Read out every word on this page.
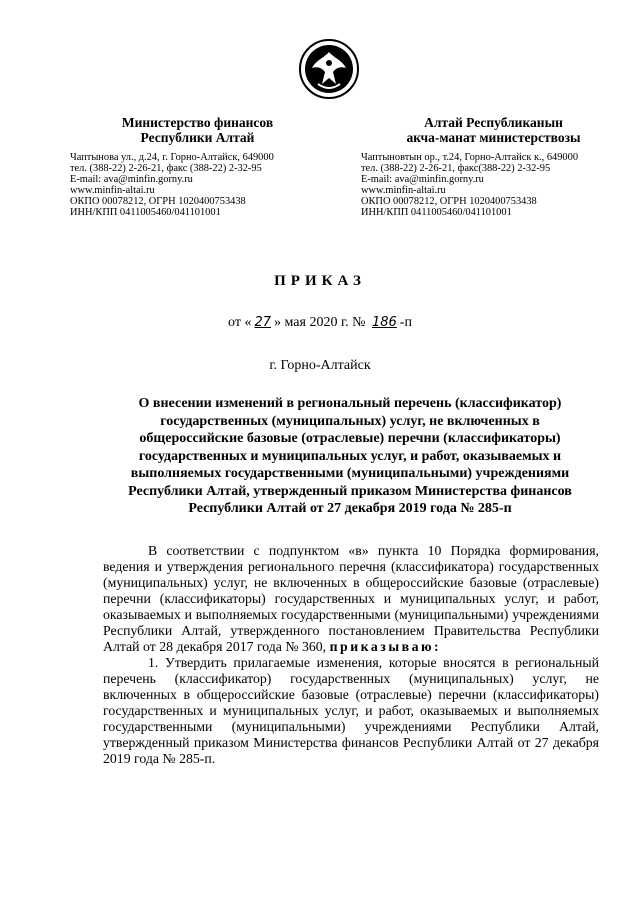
Министерство финансов
Республики Алтай
Чаптынова ул., д.24, г. Горно-Алтайск, 649000
тел. (388-22) 2-26-21, факс (388-22) 2-32-95
E-mail: ava@minfin.gorny.ru
www.minfin-altai.ru
ОКПО 00078212, ОГРН 1020400753438
ИНН/КПП 0411005460/041101001
Алтай Республиканын
акча-манат министерствозы
Чаптыновтын ор., т.24, Горно-Алтайск к., 649000
тел. (388-22) 2-26-21, факс(388-22) 2-32-95
E-mail: ava@minfin.gorny.ru
www.minfin-altai.ru
ОКПО 00078212, ОГРН 1020400753438
ИНН/КПП 0411005460/041101001
ПРИКАЗ
от « 27 » мая 2020 г. № 186 -п
г. Горно-Алтайск
О внесении изменений в региональный перечень (классификатор)
государственных (муниципальных) услуг, не включенных в
общероссийские базовые (отраслевые) перечни (классификаторы)
государственных и муниципальных услуг, и работ, оказываемых и
выполняемых государственными (муниципальными) учреждениями
Республики Алтай, утвержденный приказом Министерства финансов
Республики Алтай от 27 декабря 2019 года № 285-п

В соответствии с подпунктом «в» пункта 10 Порядка формирования, ведения и утверждения регионального перечня (классификатора) государственных (муниципальных) услуг, не включенных в общероссийские базовые (отраслевые) перечни (классификаторы) государственных и муниципальных услуг, и работ, оказываемых и выполняемых государственными (муниципальными) учреждениями Республики Алтай, утвержденного постановлением Правительства Республики Алтай от 28 декабря 2017 года № 360, приказываю:

1. Утвердить прилагаемые изменения, которые вносятся в региональный перечень (классификатор) государственных (муниципальных) услуг, не включенных в общероссийские базовые (отраслевые) перечни (классификаторы) государственных и муниципальных услуг, и работ, оказываемых и выполняемых государственными (муниципальными) учреждениями Республики Алтай, утвержденный приказом Министерства финансов Республики Алтай от 27 декабря 2019 года № 285-п.
